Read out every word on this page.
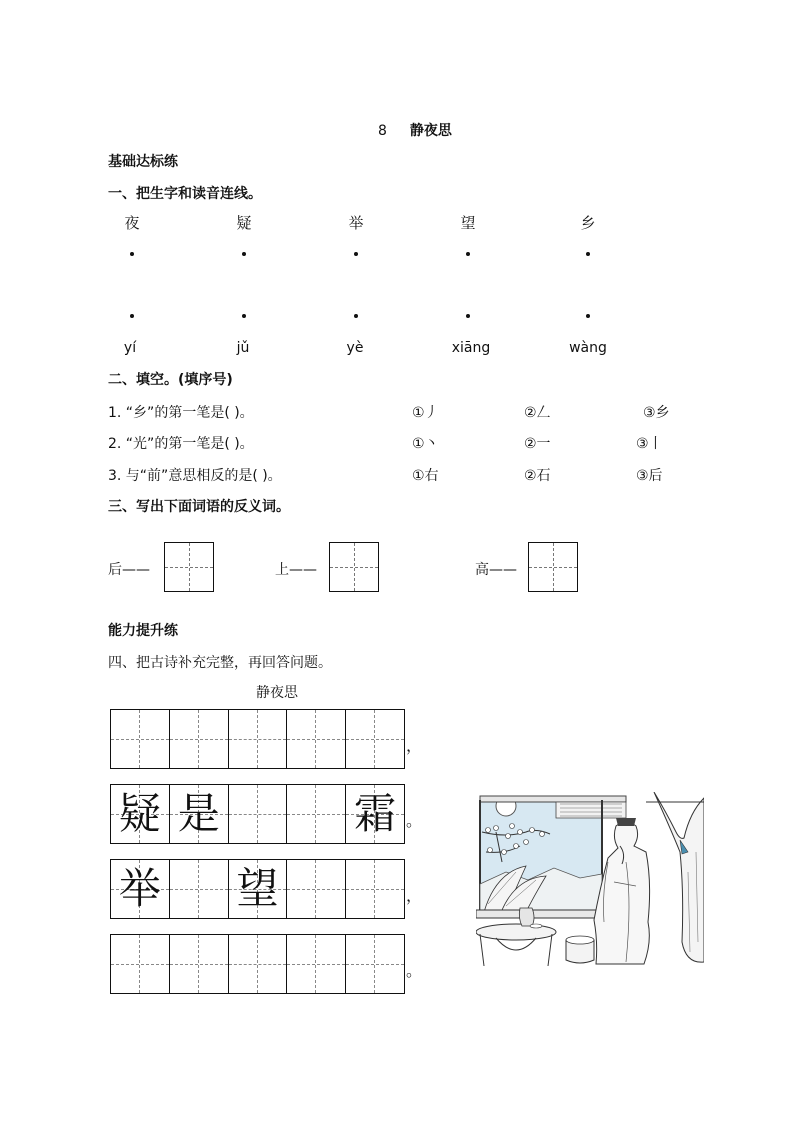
8 静夜思
基础达标练
一、把生字和读音连线。
夜	疑	举	望	乡
yí	jǔ	yè	xiāng	wàng
二、填空。(填序号)
1. “乡”的第一笔是( )。	①丿	②𠃋	③乡
2. “光”的第一笔是( )。	①丶	②一	③丨
3. 与“前”意思相反的是( )。	①右	②石	③后
三、写出下面词语的反义词。
后——	上——	高——
能力提升练
四、把古诗补充完整，再回答问题。
静夜思
，
疑 是	霜 。
举 望	，
。
